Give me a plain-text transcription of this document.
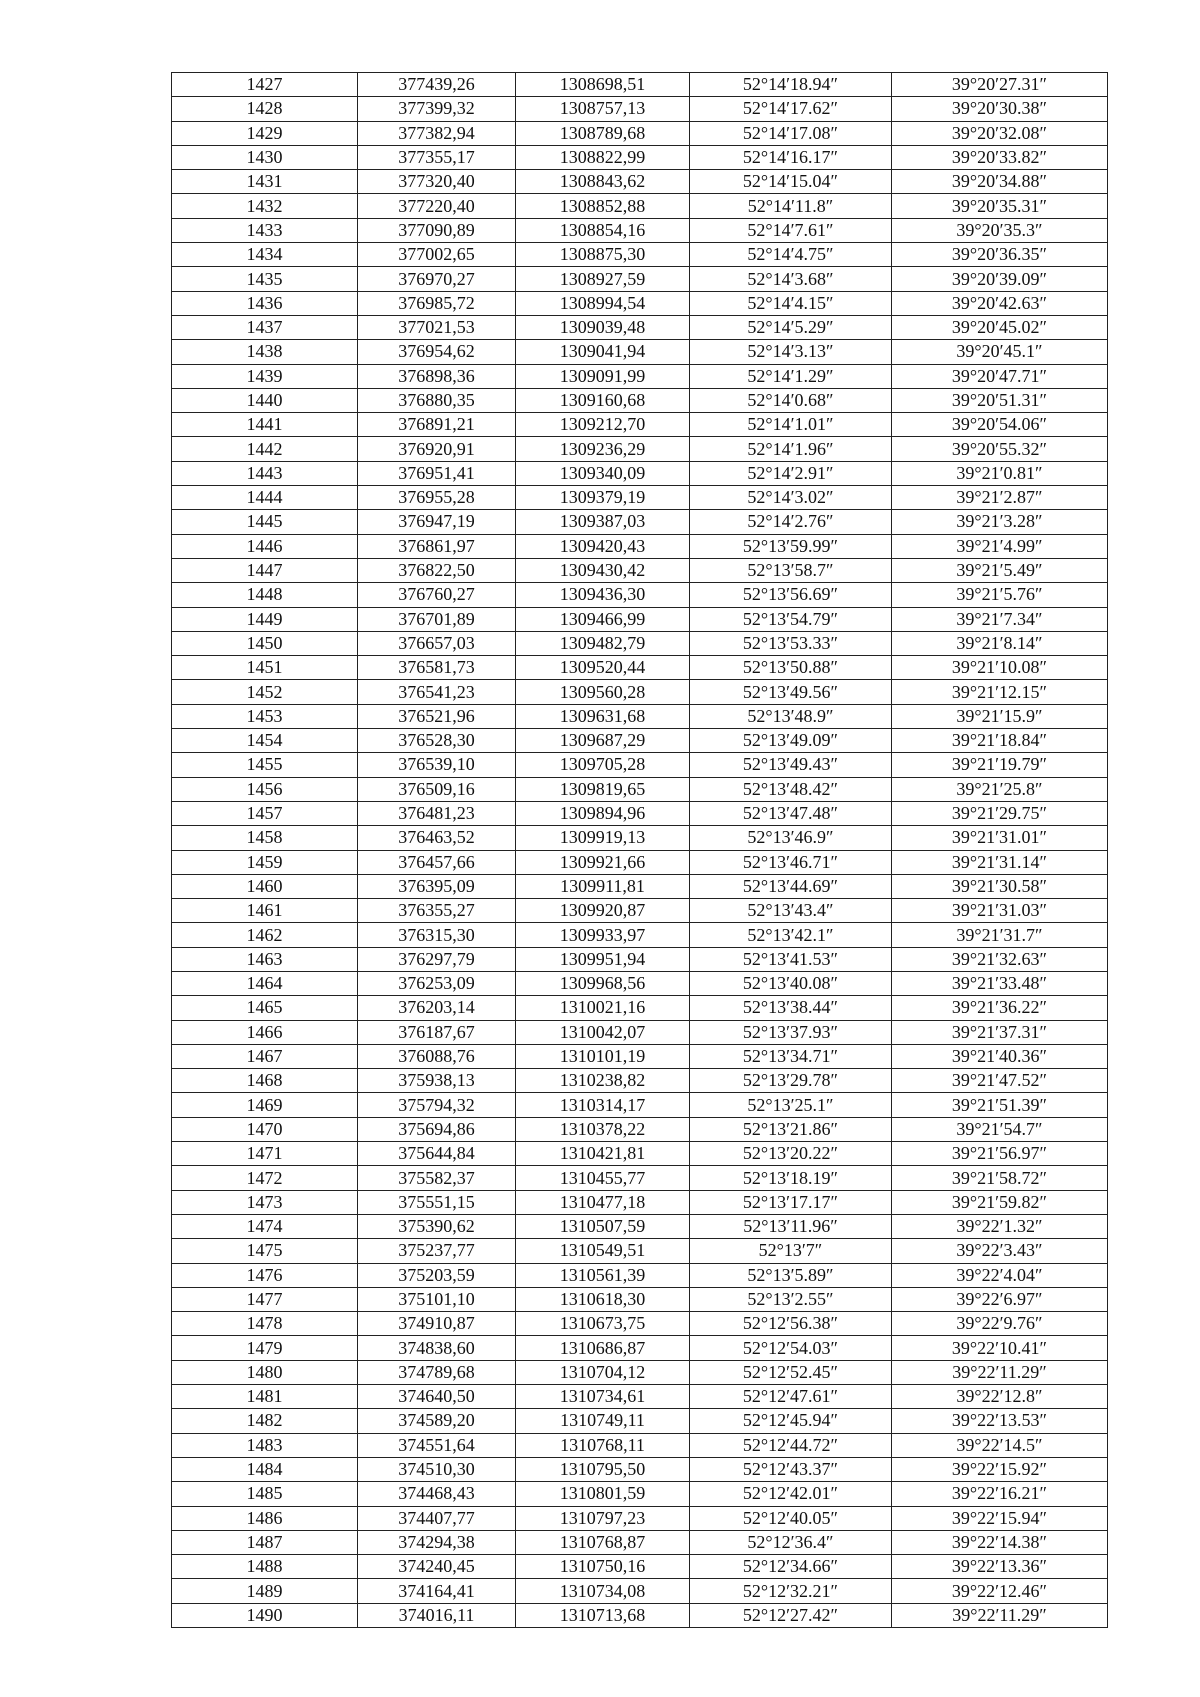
1427	377439,26	1308698,51	52°14′18.94″	39°20′27.31″
1428	377399,32	1308757,13	52°14′17.62″	39°20′30.38″
1429	377382,94	1308789,68	52°14′17.08″	39°20′32.08″
1430	377355,17	1308822,99	52°14′16.17″	39°20′33.82″
1431	377320,40	1308843,62	52°14′15.04″	39°20′34.88″
1432	377220,40	1308852,88	52°14′11.8″	39°20′35.31″
1433	377090,89	1308854,16	52°14′7.61″	39°20′35.3″
1434	377002,65	1308875,30	52°14′4.75″	39°20′36.35″
1435	376970,27	1308927,59	52°14′3.68″	39°20′39.09″
1436	376985,72	1308994,54	52°14′4.15″	39°20′42.63″
1437	377021,53	1309039,48	52°14′5.29″	39°20′45.02″
1438	376954,62	1309041,94	52°14′3.13″	39°20′45.1″
1439	376898,36	1309091,99	52°14′1.29″	39°20′47.71″
1440	376880,35	1309160,68	52°14′0.68″	39°20′51.31″
1441	376891,21	1309212,70	52°14′1.01″	39°20′54.06″
1442	376920,91	1309236,29	52°14′1.96″	39°20′55.32″
1443	376951,41	1309340,09	52°14′2.91″	39°21′0.81″
1444	376955,28	1309379,19	52°14′3.02″	39°21′2.87″
1445	376947,19	1309387,03	52°14′2.76″	39°21′3.28″
1446	376861,97	1309420,43	52°13′59.99″	39°21′4.99″
1447	376822,50	1309430,42	52°13′58.7″	39°21′5.49″
1448	376760,27	1309436,30	52°13′56.69″	39°21′5.76″
1449	376701,89	1309466,99	52°13′54.79″	39°21′7.34″
1450	376657,03	1309482,79	52°13′53.33″	39°21′8.14″
1451	376581,73	1309520,44	52°13′50.88″	39°21′10.08″
1452	376541,23	1309560,28	52°13′49.56″	39°21′12.15″
1453	376521,96	1309631,68	52°13′48.9″	39°21′15.9″
1454	376528,30	1309687,29	52°13′49.09″	39°21′18.84″
1455	376539,10	1309705,28	52°13′49.43″	39°21′19.79″
1456	376509,16	1309819,65	52°13′48.42″	39°21′25.8″
1457	376481,23	1309894,96	52°13′47.48″	39°21′29.75″
1458	376463,52	1309919,13	52°13′46.9″	39°21′31.01″
1459	376457,66	1309921,66	52°13′46.71″	39°21′31.14″
1460	376395,09	1309911,81	52°13′44.69″	39°21′30.58″
1461	376355,27	1309920,87	52°13′43.4″	39°21′31.03″
1462	376315,30	1309933,97	52°13′42.1″	39°21′31.7″
1463	376297,79	1309951,94	52°13′41.53″	39°21′32.63″
1464	376253,09	1309968,56	52°13′40.08″	39°21′33.48″
1465	376203,14	1310021,16	52°13′38.44″	39°21′36.22″
1466	376187,67	1310042,07	52°13′37.93″	39°21′37.31″
1467	376088,76	1310101,19	52°13′34.71″	39°21′40.36″
1468	375938,13	1310238,82	52°13′29.78″	39°21′47.52″
1469	375794,32	1310314,17	52°13′25.1″	39°21′51.39″
1470	375694,86	1310378,22	52°13′21.86″	39°21′54.7″
1471	375644,84	1310421,81	52°13′20.22″	39°21′56.97″
1472	375582,37	1310455,77	52°13′18.19″	39°21′58.72″
1473	375551,15	1310477,18	52°13′17.17″	39°21′59.82″
1474	375390,62	1310507,59	52°13′11.96″	39°22′1.32″
1475	375237,77	1310549,51	52°13′7″	39°22′3.43″
1476	375203,59	1310561,39	52°13′5.89″	39°22′4.04″
1477	375101,10	1310618,30	52°13′2.55″	39°22′6.97″
1478	374910,87	1310673,75	52°12′56.38″	39°22′9.76″
1479	374838,60	1310686,87	52°12′54.03″	39°22′10.41″
1480	374789,68	1310704,12	52°12′52.45″	39°22′11.29″
1481	374640,50	1310734,61	52°12′47.61″	39°22′12.8″
1482	374589,20	1310749,11	52°12′45.94″	39°22′13.53″
1483	374551,64	1310768,11	52°12′44.72″	39°22′14.5″
1484	374510,30	1310795,50	52°12′43.37″	39°22′15.92″
1485	374468,43	1310801,59	52°12′42.01″	39°22′16.21″
1486	374407,77	1310797,23	52°12′40.05″	39°22′15.94″
1487	374294,38	1310768,87	52°12′36.4″	39°22′14.38″
1488	374240,45	1310750,16	52°12′34.66″	39°22′13.36″
1489	374164,41	1310734,08	52°12′32.21″	39°22′12.46″
1490	374016,11	1310713,68	52°12′27.42″	39°22′11.29″
